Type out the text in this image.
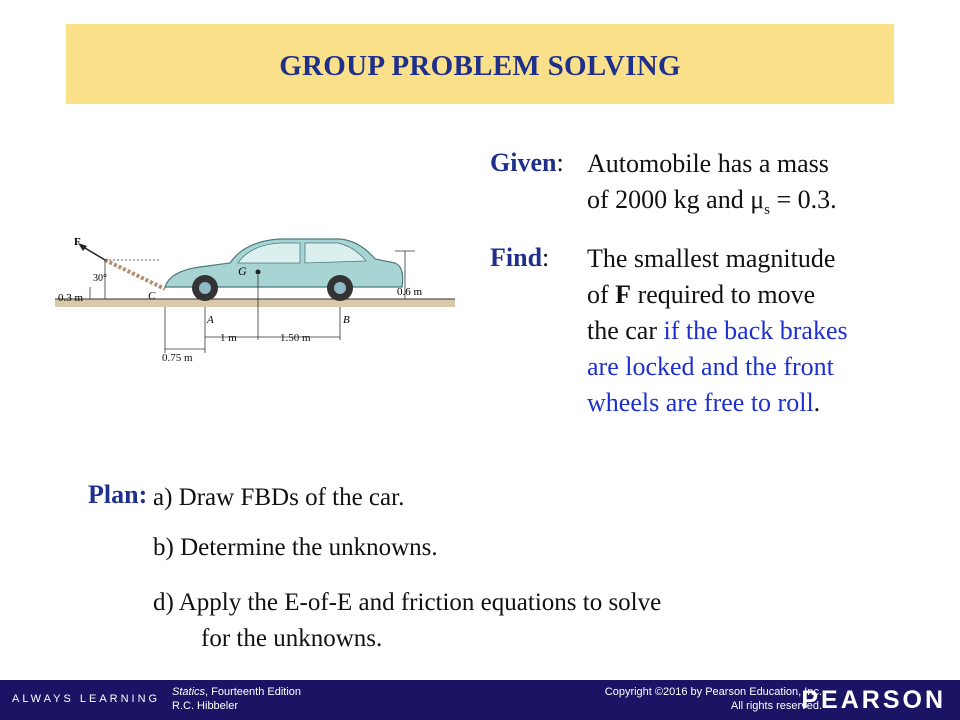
GROUP PROBLEM SOLVING
Given: Automobile has a mass
of 2000 kg and $\mu_s = 0.3$.
Find: The smallest magnitude
of F required to move
the car if the back brakes
are locked and the front
wheels are free to roll.
Plan: a) Draw FBDs of the car.
b) Determine the unknowns.
d) Apply the E-of-E and friction equations to solve
for the unknowns.
F
30°
G
C
0.3 m	0.6 m
A	B
1 m	1.50 m
0.75 m
ALWAYS LEARNING
Statics, Fourteenth Edition
R.C. Hibbeler
Copyright ©2016 by Pearson Education, Inc.
All rights reserved.
PEARSON
